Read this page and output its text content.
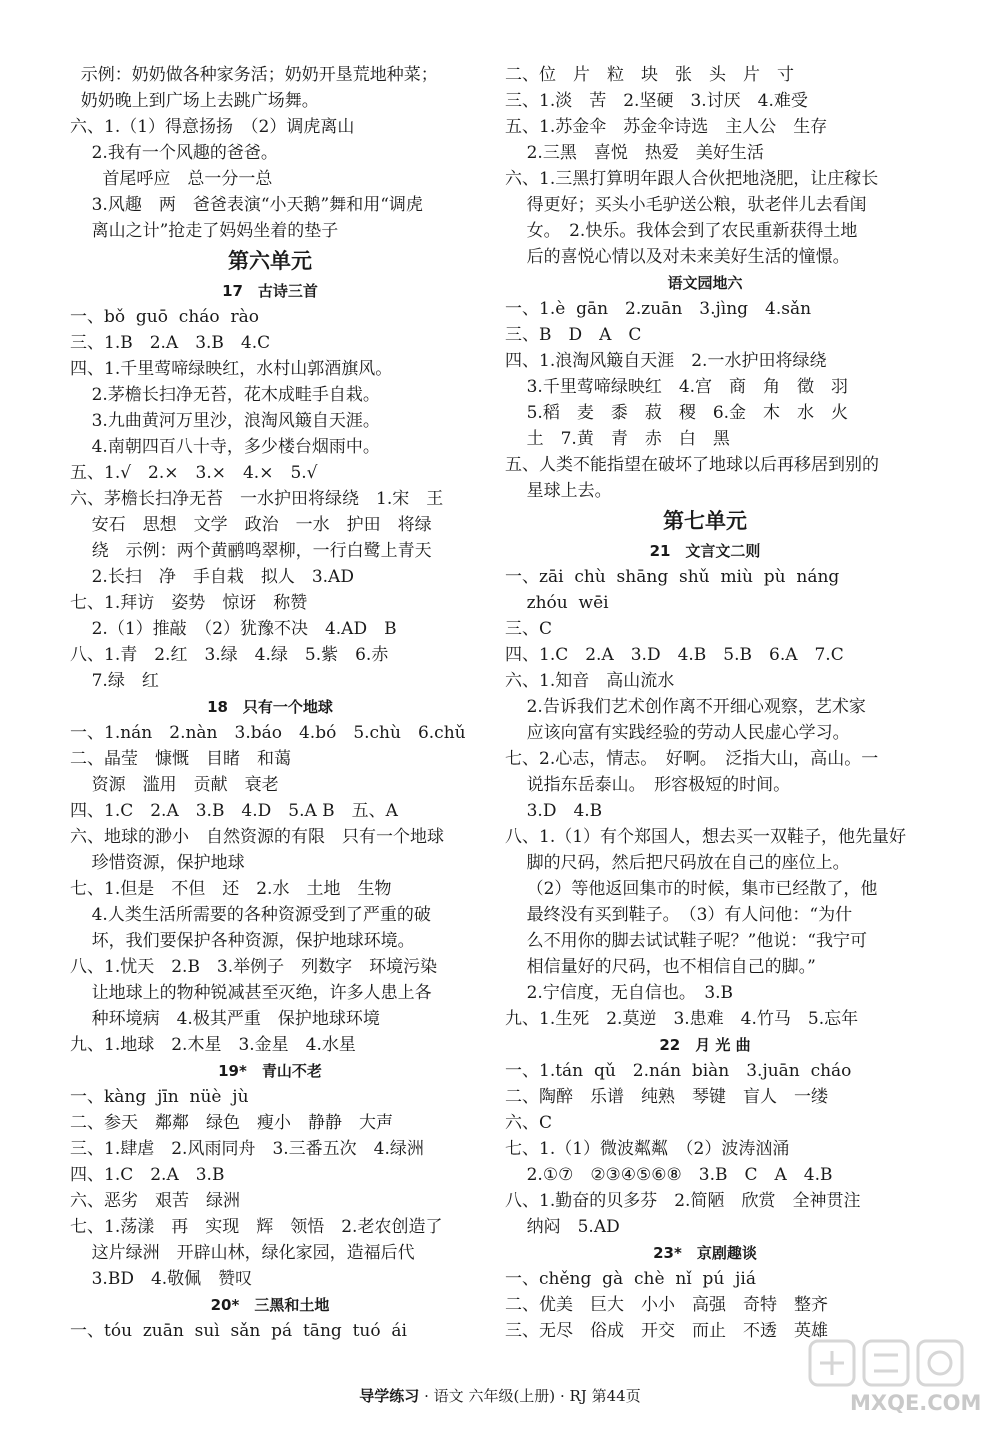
示例：奶奶做各种家务活；奶奶开垦荒地种菜；
奶奶晚上到广场上去跳广场舞。
六、1.（1）得意扬扬　（2）调虎离山
2.我有一个风趣的爸爸。
首尾呼应　总一分一总
3.风趣　两　爸爸表演“小天鹅”舞和用“调虎
离山之计”抢走了妈妈坐着的垫子
第六单元
17　古诗三首
一、bǒ  guō  cháo  rào
三、1.B　2.A　3.B　4.C
四、1.千里莺啼绿映红，水村山郭酒旗风。
2.茅檐长扫净无苔，花木成畦手自栽。
3.九曲黄河万里沙，浪淘风簸自天涯。
4.南朝四百八十寺，多少楼台烟雨中。
五、1.√　2.×　3.×　4.×　5.√
六、茅檐长扫净无苔　一水护田将绿绕　1.宋　王
安石　思想　文学　政治　一水　护田　将绿
绕　示例：两个黄鹂鸣翠柳，一行白鹭上青天
2.长扫　净　手自栽　拟人　3.AD
七、1.拜访　姿势　惊讶　称赞
2.（1）推敲　（2）犹豫不决　4.AD　B
八、1.青　2.红　3.绿　4.绿　5.紫　6.赤
7.绿　红
18　只有一个地球
一、1.nán　2.nàn　3.báo　4.bó　5.chù　6.chǔ
二、晶莹　慷慨　目睹　和蔼
资源　滥用　贡献　衰老
四、1.C　2.A　3.B　4.D　5.A B　五、A
六、地球的渺小　自然资源的有限　只有一个地球
珍惜资源，保护地球
七、1.但是　不但　还　2.水　土地　生物
4.人类生活所需要的各种资源受到了严重的破
坏，我们要保护各种资源，保护地球环境。
八、1.忧天　2.B　3.举例子　列数字　环境污染
让地球上的物种锐减甚至灭绝，许多人患上各
种环境病　4.极其严重　保护地球环境
九、1.地球　2.木星　3.金星　4.水星
19*　青山不老
一、kàng  jīn  nüè  jù
二、参天　鄰鄰　绿色　瘦小　静静　大声
三、1.肆虐　2.风雨同舟　3.三番五次　4.绿洲
四、1.C　2.A　3.B
六、恶劣　艰苦　绿洲
七、1.荡漾　再　实现　辉　领悟　2.老农创造了
这片绿洲　开辟山林，绿化家园，造福后代
3.BD　4.敬佩　赞叹
20*　三黑和土地
一、tóu  zuān  suì  sǎn  pá  tāng  tuó  ái
二、位　片　粒　块　张　头　片　寸
三、1.淡　苦　2.坚硬　3.讨厌　4.难受
五、1.苏金伞　苏金伞诗选　主人公　生存
2.三黑　喜悦　热爱　美好生活
六、1.三黑打算明年跟人合伙把地浇肥，让庄稼长
得更好；买头小毛驴送公粮，驮老伴儿去看闺
女。　2.快乐。我体会到了农民重新获得土地
后的喜悦心情以及对未来美好生活的憧憬。
语文园地六
一、1.è  gān　2.zuān　3.jìng　4.sǎn
三、B　D　A　C
四、1.浪淘风簸自天涯　2.一水护田将绿绕
3.千里莺啼绿映红　4.宫　商　角　徵　羽
5.稻　麦　黍　菽　稷　6.金　木　水　火
土　7.黄　青　赤　白　黑
五、人类不能指望在破坏了地球以后再移居到别的
星球上去。
第七单元
21　文言文二则
一、zāi  chù  shāng  shǔ  miù  pù  náng
zhóu  wēi
三、C
四、1.C　2.A　3.D　4.B　5.B　6.A　7.C
六、1.知音　高山流水
2.告诉我们艺术创作离不开细心观察，艺术家
应该向富有实践经验的劳动人民虚心学习。
七、2.心志，情志。　好啊。　泛指大山，高山。一
说指东岳泰山。　形容极短的时间。
3.D　4.B
八、1.（1）有个郑国人，想去买一双鞋子，他先量好
脚的尺码，然后把尺码放在自己的座位上。
（2）等他返回集市的时候，集市已经散了，他
最终没有买到鞋子。　（3）有人问他：“为什
么不用你的脚去试试鞋子呢？”他说：“我宁可
相信量好的尺码，也不相信自己的脚。”
2.宁信度，无自信也。　3.B
九、1.生死　2.莫逆　3.患难　4.竹马　5.忘年
22　月 光 曲
一、1.tán  qǔ　2.nán  biàn　3.juān  cháo
二、陶醉　乐谱　纯熟　琴键　盲人　一缕
六、C
七、1.（1）微波粼粼　（2）波涛汹涌
2.①⑦　②③④⑤⑥⑧　3.B　C　A　4.B
八、1.勤奋的贝多芬　2.简陋　欣赏　全神贯注
纳闷　5.AD
23*　京剧趣谈
一、chěng  gà  chè  nǐ  pú  jiá
二、优美　巨大　小小　高强　奇特　整齐
三、无尽　俗成　开交　而止　不透　英雄
导学练习 · 语文 六年级(上册) · RJ 第44页	MXQE.COM
